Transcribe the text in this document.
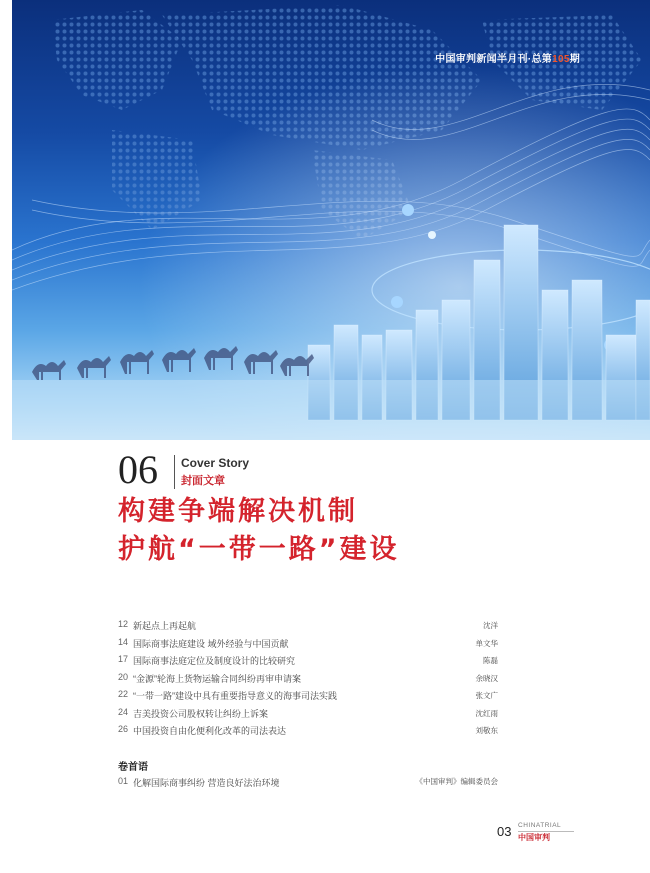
中国审判新闻半月刊·总第105期
06 Cover Story
封面文章
构建争端解决机制
护航“一带一路”建设
12 新起点上再起航	沈洋
14 国际商事法庭建设 域外经验与中国贡献	单文华
17 国际商事法庭定位及制度设计的比较研究	陈磊
20 “金源”轮海上货物运输合同纠纷再审申请案	余晓汉
22 “一带一路”建设中具有重要指导意义的海事司法实践	张文广
24 吉美投资公司股权转让纠纷上诉案	沈红雨
26 中国投资自由化便利化改革的司法表达	刘敬东
卷首语
01 化解国际商事纠纷 营造良好法治环境	《中国审判》编辑委员会
03 CHINATRIAL
中国审判
